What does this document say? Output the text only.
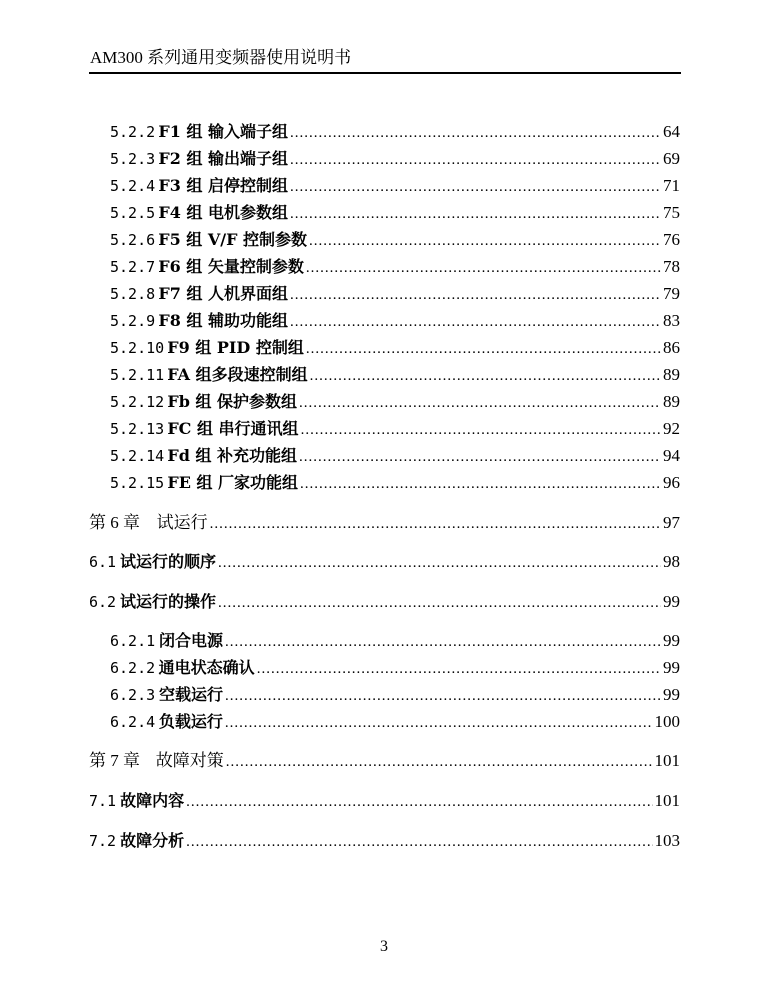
AM300 系列通用变频器使用说明书
5.2.2 F1 组 输入端子组 .....	64
5.2.3 F2 组 输出端子组 .....	69
5.2.4 F3 组 启停控制组 .....	71
5.2.5 F4 组 电机参数组 .....	75
5.2.6 F5 组 V/F 控制参数 .....	76
5.2.7 F6 组 矢量控制参数 .....	78
5.2.8 F7 组 人机界面组 .....	79
5.2.9 F8 组 辅助功能组 .....	83
5.2.10 F9 组 PID 控制组 .....	86
5.2.11 FA 组多段速控制组 .....	89
5.2.12 Fb 组 保护参数组 .....	89
5.2.13 FC 组 串行通讯组 .....	92
5.2.14 Fd 组 补充功能组 .....	94
5.2.15 FE 组 厂家功能组 .....	96
第 6 章 试运行 .....	97
6.1 试运行的顺序 .....	98
6.2 试运行的操作 .....	99
6.2.1 闭合电源 .....	99
6.2.2 通电状态确认 .....	99
6.2.3 空载运行 .....	99
6.2.4 负载运行 .....	100
第 7 章 故障对策 .....	101
7.1 故障内容 .....	101
7.2 故障分析 .....	103
3
